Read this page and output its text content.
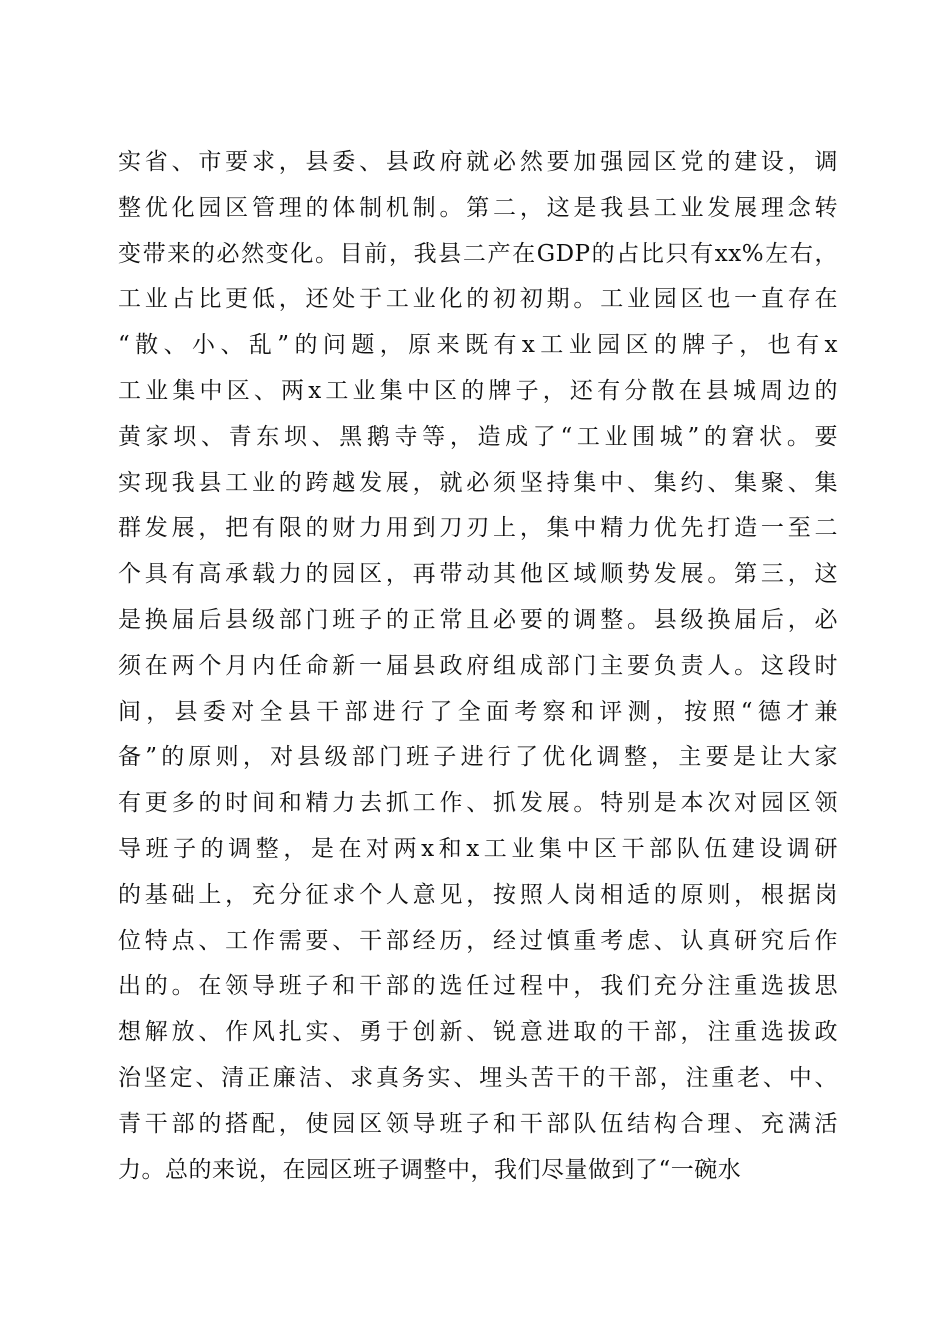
实省、市要求，县委、县政府就必然要加强园区党的建设，调
整优化园区管理的体制机制。第二，这是我县工业发展理念转
变带来的必然变化。目前，我县二产在GDP的占比只有xx%左右，
工业占比更低，还处于工业化的初初期。工业园区也一直存在
“散、小、乱”的问题，原来既有x工业园区的牌子，也有x
工业集中区、两x工业集中区的牌子，还有分散在县城周边的
黄家坝、青东坝、黑鹅寺等，造成了“工业围城”的窘状。要
实现我县工业的跨越发展，就必须坚持集中、集约、集聚、集
群发展，把有限的财力用到刀刃上，集中精力优先打造一至二
个具有高承载力的园区，再带动其他区域顺势发展。第三，这
是换届后县级部门班子的正常且必要的调整。县级换届后，必
须在两个月内任命新一届县政府组成部门主要负责人。这段时
间，县委对全县干部进行了全面考察和评测，按照“德才兼
备”的原则，对县级部门班子进行了优化调整，主要是让大家
有更多的时间和精力去抓工作、抓发展。特别是本次对园区领
导班子的调整，是在对两x和x工业集中区干部队伍建设调研
的基础上，充分征求个人意见，按照人岗相适的原则，根据岗
位特点、工作需要、干部经历，经过慎重考虑、认真研究后作
出的。在领导班子和干部的选任过程中，我们充分注重选拔思
想解放、作风扎实、勇于创新、锐意进取的干部，注重选拔政
治坚定、清正廉洁、求真务实、埋头苦干的干部，注重老、中、
青干部的搭配，使园区领导班子和干部队伍结构合理、充满活
力。总的来说，在园区班子调整中，我们尽量做到了“一碗水
